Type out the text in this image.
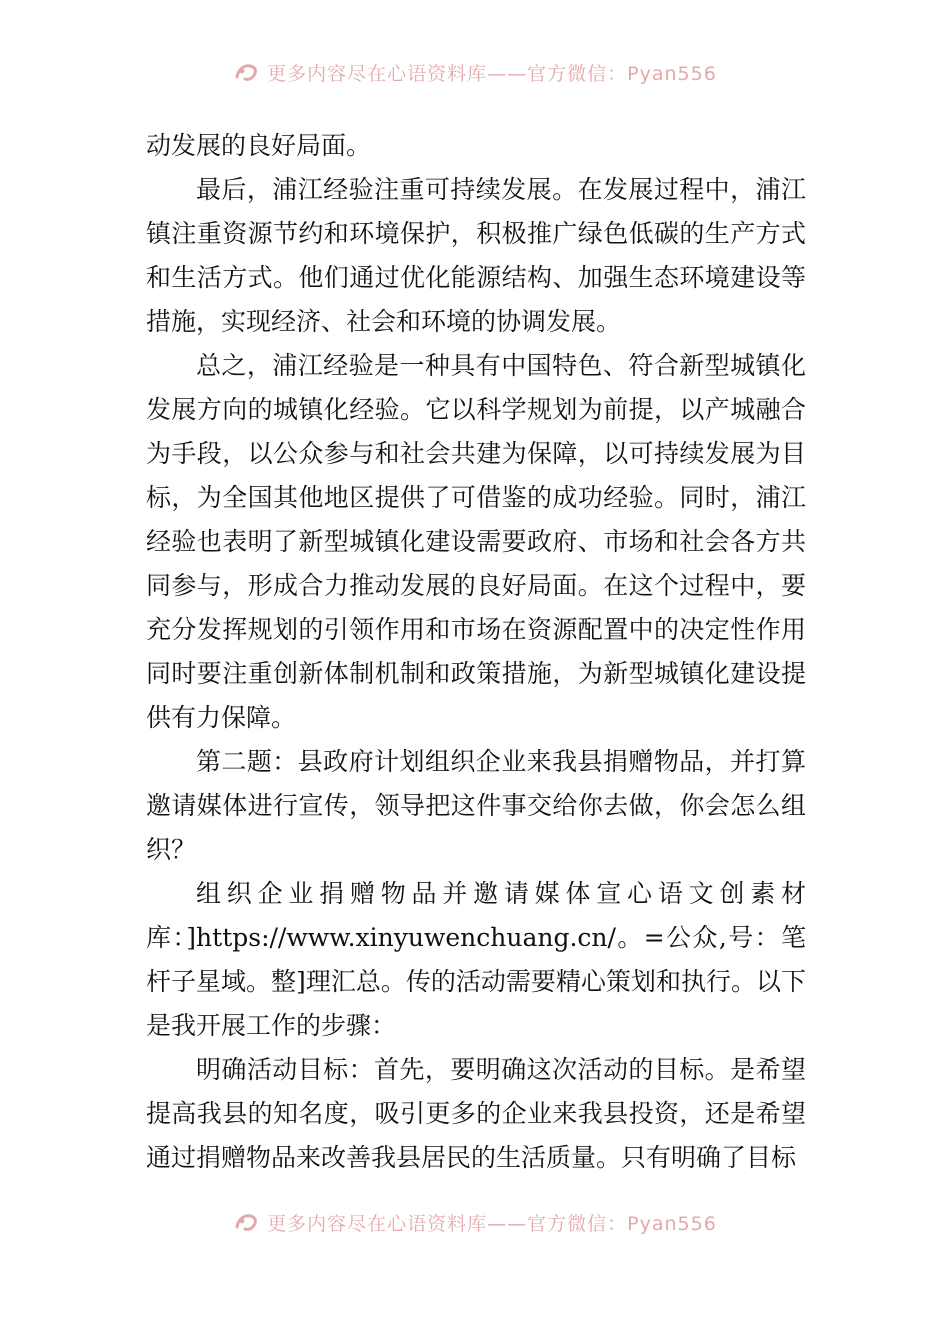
更多内容尽在心语资料库——官方微信：Pyan556

动发展的良好局面。

最后，浦江经验注重可持续发展。在发展过程中，浦江镇注重资源节约和环境保护，积极推广绿色低碳的生产方式和生活方式。他们通过优化能源结构、加强生态环境建设等措施，实现经济、社会和环境的协调发展。

总之，浦江经验是一种具有中国特色、符合新型城镇化发展方向的城镇化经验。它以科学规划为前提，以产城融合为手段，以公众参与和社会共建为保障，以可持续发展为目标，为全国其他地区提供了可借鉴的成功经验。同时，浦江经验也表明了新型城镇化建设需要政府、市场和社会各方共同参与，形成合力推动发展的良好局面。在这个过程中，要充分发挥规划的引领作用和市场在资源配置中的决定性作用同时要注重创新体制机制和政策措施，为新型城镇化建设提供有力保障。

第二题：县政府计划组织企业来我县捐赠物品，并打算邀请媒体进行宣传，领导把这件事交给你去做，你会怎么组织？

组织企业捐赠物品并邀请媒体宣心语文创素材库：]https://www.xinyuwenchuang.cn/。=公众,号：笔杆子星域。整]理汇总。传的活动需要精心策划和执行。以下是我开展工作的步骤：

明确活动目标：首先，要明确这次活动的目标。是希望提高我县的知名度，吸引更多的企业来我县投资，还是希望通过捐赠物品来改善我县居民的生活质量。只有明确了目标

更多内容尽在心语资料库——官方微信：Pyan556
